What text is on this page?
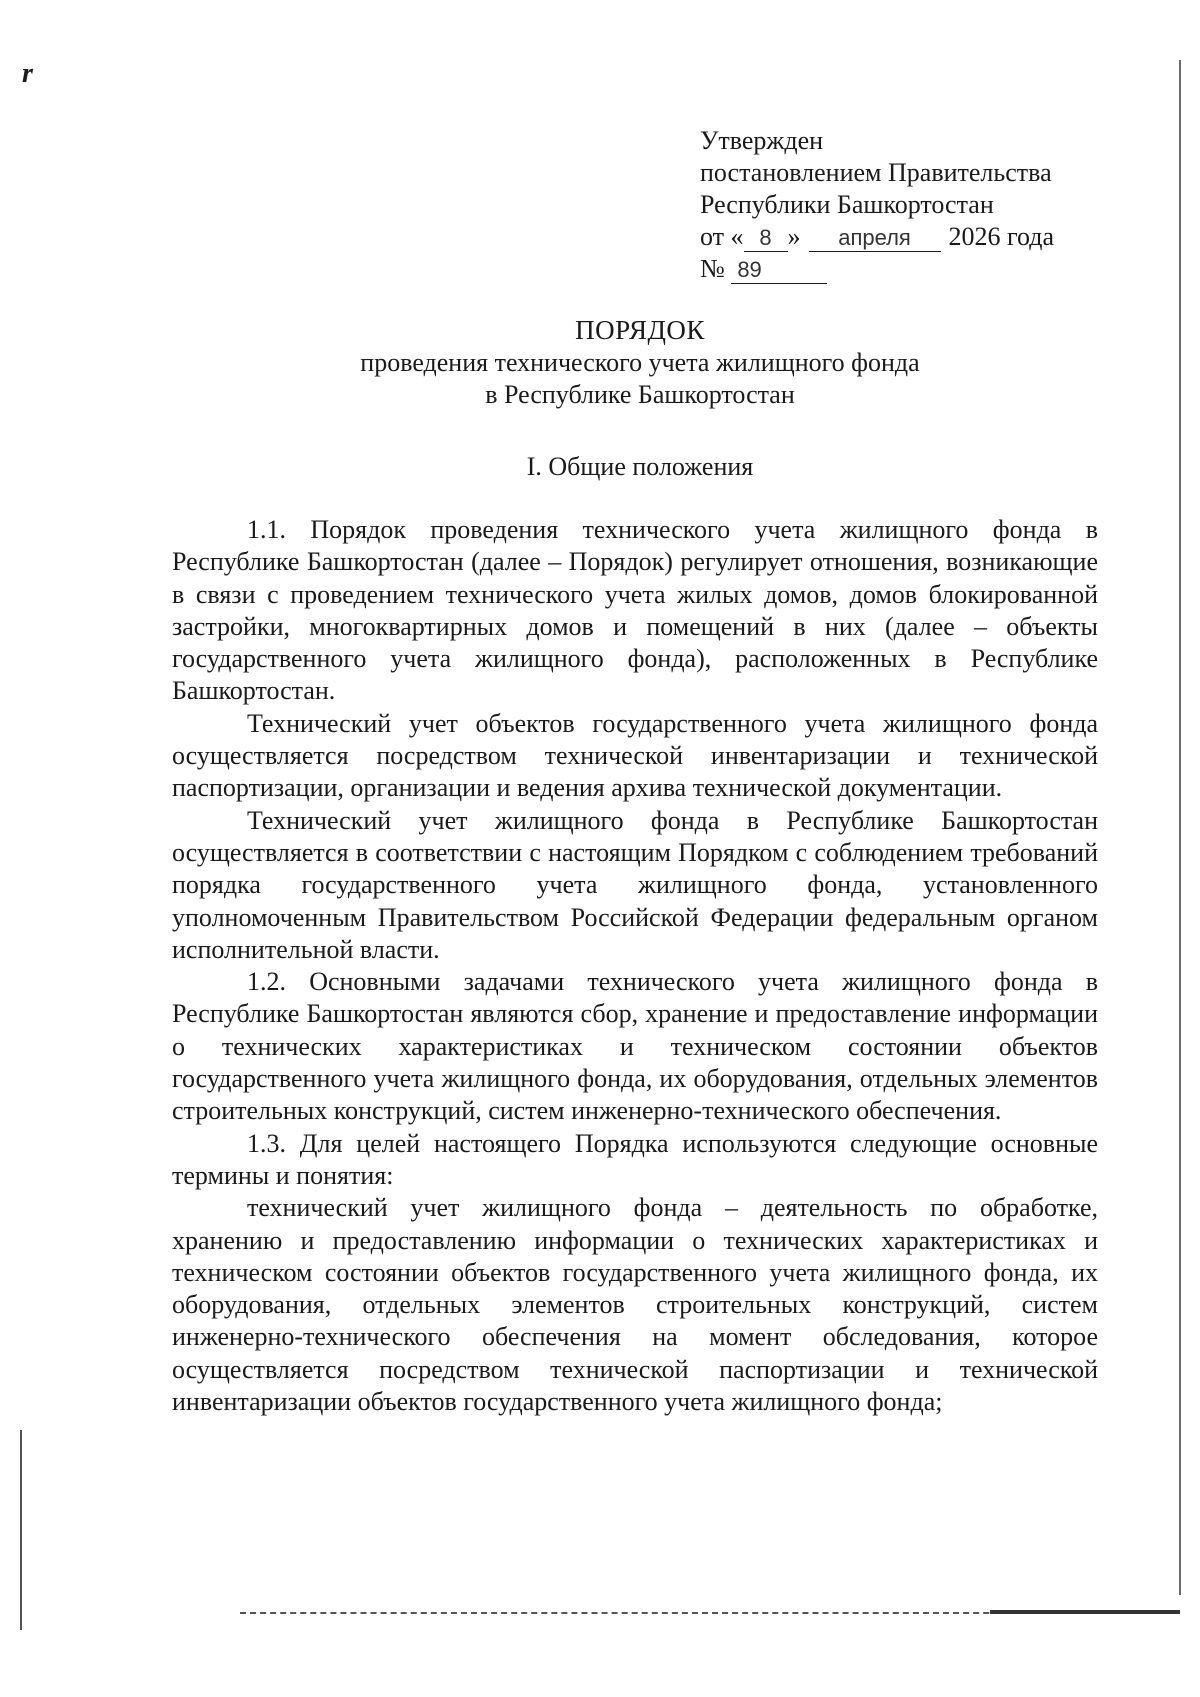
r
Утвержден
постановлением Правительства
Республики Башкортостан
от « 8 » апреля 2026 года
№ 89
ПОРЯДОК
проведения технического учета жилищного фонда
в Республике Башкортостан
I. Общие положения

1.1. Порядок проведения технического учета жилищного фонда в Республике Башкортостан (далее – Порядок) регулирует отношения, возникающие в связи с проведением технического учета жилых домов, домов блокированной застройки, многоквартирных домов и помещений в них (далее – объекты государственного учета жилищного фонда), расположенных в Республике Башкортостан.

Технический учет объектов государственного учета жилищного фонда осуществляется посредством технической инвентаризации и технической паспортизации, организации и ведения архива технической документации.

Технический учет жилищного фонда в Республике Башкортостан осуществляется в соответствии с настоящим Порядком с соблюдением требований порядка государственного учета жилищного фонда, установленного уполномоченным Правительством Российской Федерации федеральным органом исполнительной власти.

1.2. Основными задачами технического учета жилищного фонда в Республике Башкортостан являются сбор, хранение и предоставление информации о технических характеристиках и техническом состоянии объектов государственного учета жилищного фонда, их оборудования, отдельных элементов строительных конструкций, систем инженерно-технического обеспечения.

1.3. Для целей настоящего Порядка используются следующие основные термины и понятия:

технический учет жилищного фонда – деятельность по обработке, хранению и предоставлению информации о технических характеристиках и техническом состоянии объектов государственного учета жилищного фонда, их оборудования, отдельных элементов строительных конструкций, систем инженерно-технического обеспечения на момент обследования, которое осуществляется посредством технической паспортизации и технической инвентаризации объектов государственного учета жилищного фонда;
